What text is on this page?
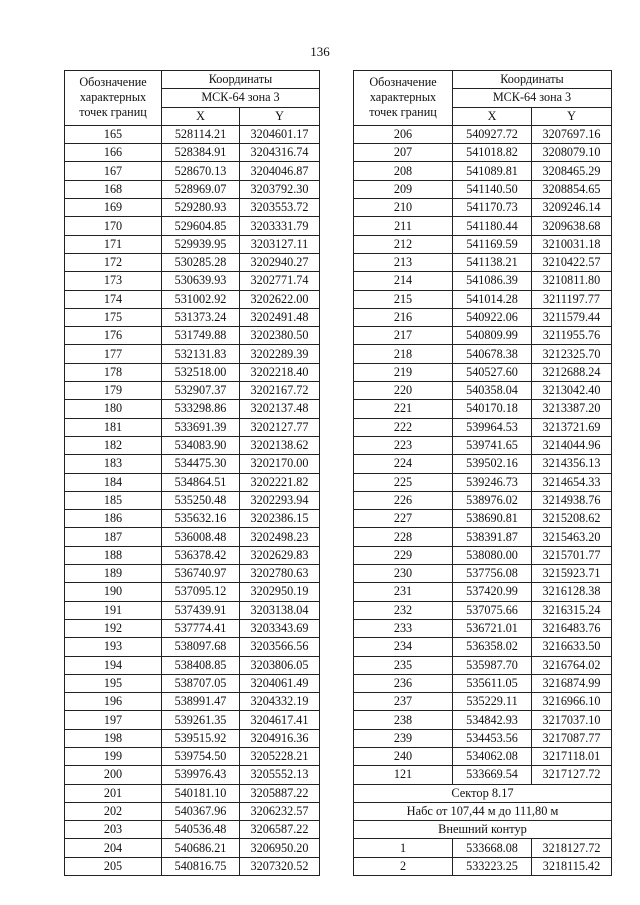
136
Обозначение
характерных
точек границ	Координаты	
	МСК-64 зона 3	
	X	Y
165	528114.21	3204601.17
166	528384.91	3204316.74
167	528670.13	3204046.87
168	528969.07	3203792.30
169	529280.93	3203553.72
170	529604.85	3203331.79
171	529939.95	3203127.11
172	530285.28	3202940.27
173	530639.93	3202771.74
174	531002.92	3202622.00
175	531373.24	3202491.48
176	531749.88	3202380.50
177	532131.83	3202289.39
178	532518.00	3202218.40
179	532907.37	3202167.72
180	533298.86	3202137.48
181	533691.39	3202127.77
182	534083.90	3202138.62
183	534475.30	3202170.00
184	534864.51	3202221.82
185	535250.48	3202293.94
186	535632.16	3202386.15
187	536008.48	3202498.23
188	536378.42	3202629.83
189	536740.97	3202780.63
190	537095.12	3202950.19
191	537439.91	3203138.04
192	537774.41	3203343.69
193	538097.68	3203566.56
194	538408.85	3203806.05
195	538707.05	3204061.49
196	538991.47	3204332.19
197	539261.35	3204617.41
198	539515.92	3204916.36
199	539754.50	3205228.21
200	539976.43	3205552.13
201	540181.10	3205887.22
202	540367.96	3206232.57
203	540536.48	3206587.22
204	540686.21	3206950.20
205	540816.75	3207320.52
Обозначение
характерных
точек границ	Координаты	
	МСК-64 зона 3	
	X	Y
206	540927.72	3207697.16
207	541018.82	3208079.10
208	541089.81	3208465.29
209	541140.50	3208854.65
210	541170.73	3209246.14
211	541180.44	3209638.68
212	541169.59	3210031.18
213	541138.21	3210422.57
214	541086.39	3210811.80
215	541014.28	3211197.77
216	540922.06	3211579.44
217	540809.99	3211955.76
218	540678.38	3212325.70
219	540527.60	3212688.24
220	540358.04	3213042.40
221	540170.18	3213387.20
222	539964.53	3213721.69
223	539741.65	3214044.96
224	539502.16	3214356.13
225	539246.73	3214654.33
226	538976.02	3214938.76
227	538690.81	3215208.62
228	538391.87	3215463.20
229	538080.00	3215701.77
230	537756.08	3215923.71
231	537420.99	3216128.38
232	537075.66	3216315.24
233	536721.01	3216483.76
234	536358.02	3216633.50
235	535987.70	3216764.02
236	535611.05	3216874.99
237	535229.11	3216966.10
238	534842.93	3217037.10
239	534453.56	3217087.77
240	534062.08	3217118.01
121	533669.54	3217127.72
Сектор 8.17		
Набс от 107,44 м до 111,80 м		
Внешний контур		
1	533668.08	3218127.72
2	533223.25	3218115.42
